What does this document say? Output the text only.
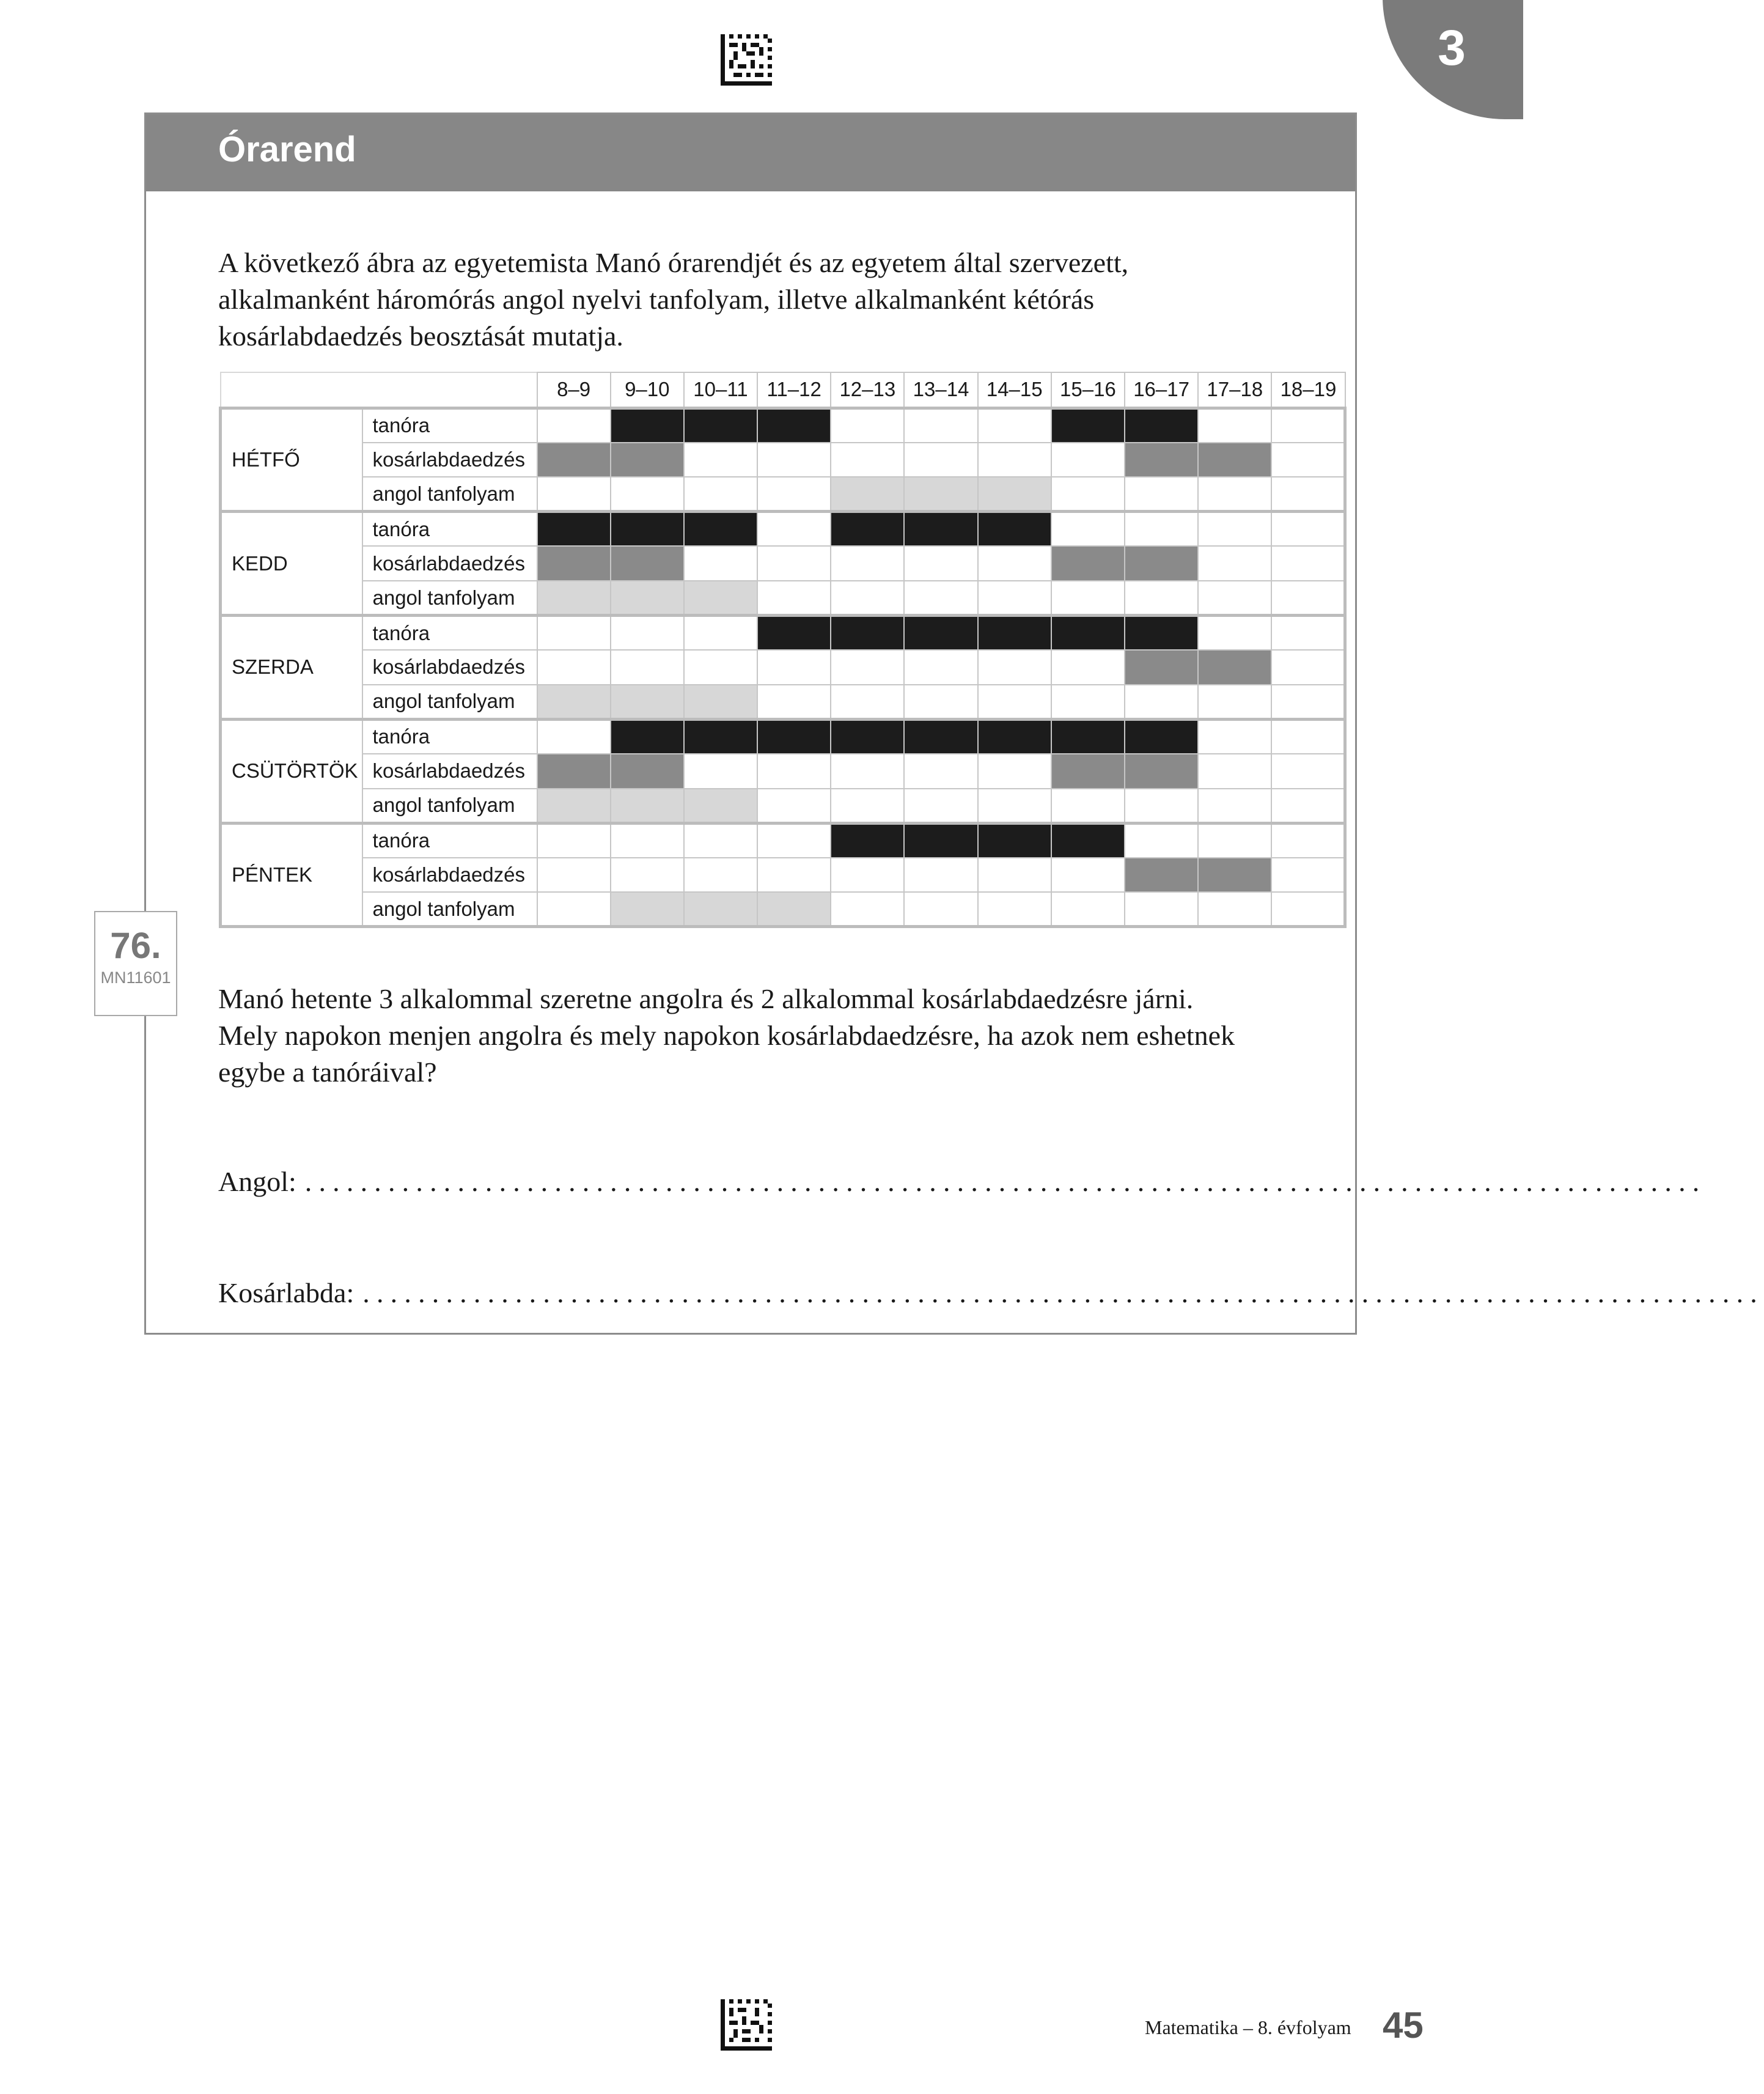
3
Órarend

A következő ábra az egyetemista Manó órarendjét és az egyetem által szervezett,

alkalmanként háromórás angol nyelvi tanfolyam, illetve alkalmanként kétórás

kosárlabdaedzés beosztását mutatja.

		8–9	9–10	10–11	11–12	12–13	13–14	14–15	15–16	16–17	17–18	18–19
HÉTFŐ	tanóra											
	kosárlabdaedzés											
	angol tanfolyam											
KEDD	tanóra											
	kosárlabdaedzés											
	angol tanfolyam											
SZERDA	tanóra											
	kosárlabdaedzés											
	angol tanfolyam											
CSÜTÖRTÖK	tanóra											
	kosárlabdaedzés											
	angol tanfolyam											
PÉNTEK	tanóra											
	kosárlabdaedzés											
	angol tanfolyam											
76.
MN11601

Manó hetente 3 alkalommal szeretne angolra és 2 alkalommal kosárlabdaedzésre járni.

Mely napokon menjen angolra és mely napokon kosárlabdaedzésre, ha azok nem eshetnek

egybe a tanóráival?

Angol: .....................................................................................................
Kosárlabda: .....................................................................................................
Matematika – 8. évfolyam 45
